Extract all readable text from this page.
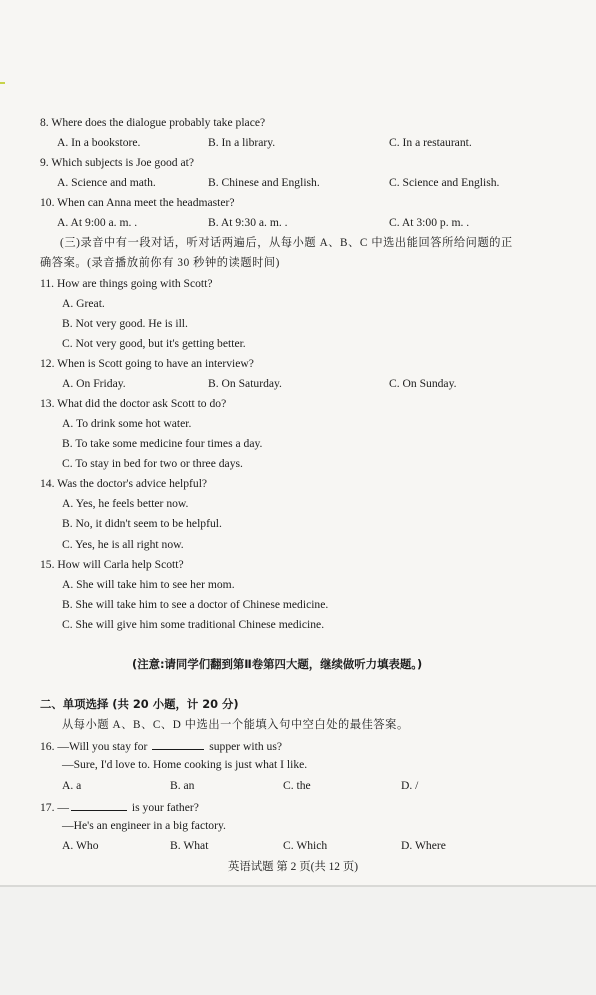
8. Where does the dialogue probably take place?
A. In a bookstore.	B. In a library.	C. In a restaurant.
9. Which subjects is Joe good at?
A. Science and math.	B. Chinese and English.	C. Science and English.
10. When can Anna meet the headmaster?
A. At 9:00 a. m. .	B. At 9:30 a. m. .	C. At 3:00 p. m. .
(三)录音中有一段对话，听对话两遍后，从每小题 A、B、C 中选出能回答所给问题的正
确答案。(录音播放前你有 30 秒钟的读题时间)
11. How are things going with Scott?
A. Great.
B. Not very good. He is ill.
C. Not very good, but it's getting better.
12. When is Scott going to have an interview?
A. On Friday.	B. On Saturday.	C. On Sunday.
13. What did the doctor ask Scott to do?
A. To drink some hot water.
B. To take some medicine four times a day.
C. To stay in bed for two or three days.
14. Was the doctor's advice helpful?
A. Yes, he feels better now.
B. No, it didn't seem to be helpful.
C. Yes, he is all right now.
15. How will Carla help Scott?
A. She will take him to see her mom.
B. She will take him to see a doctor of Chinese medicine.
C. She will give him some traditional Chinese medicine.
(注意:请同学们翻到第Ⅱ卷第四大题，继续做听力填表题。)
二、单项选择 (共 20 小题，计 20 分)
从每小题 A、B、C、D 中选出一个能填入句中空白处的最佳答案。
16. —Will you stay for	supper with us?
—Sure, I'd love to. Home cooking is just what I like.
A. a	B. an	C. the	D. /
17. —	is your father?
—He's an engineer in a big factory.
A. Who	B. What	C. Which	D. Where
英语试题 第 2 页(共 12 页)
